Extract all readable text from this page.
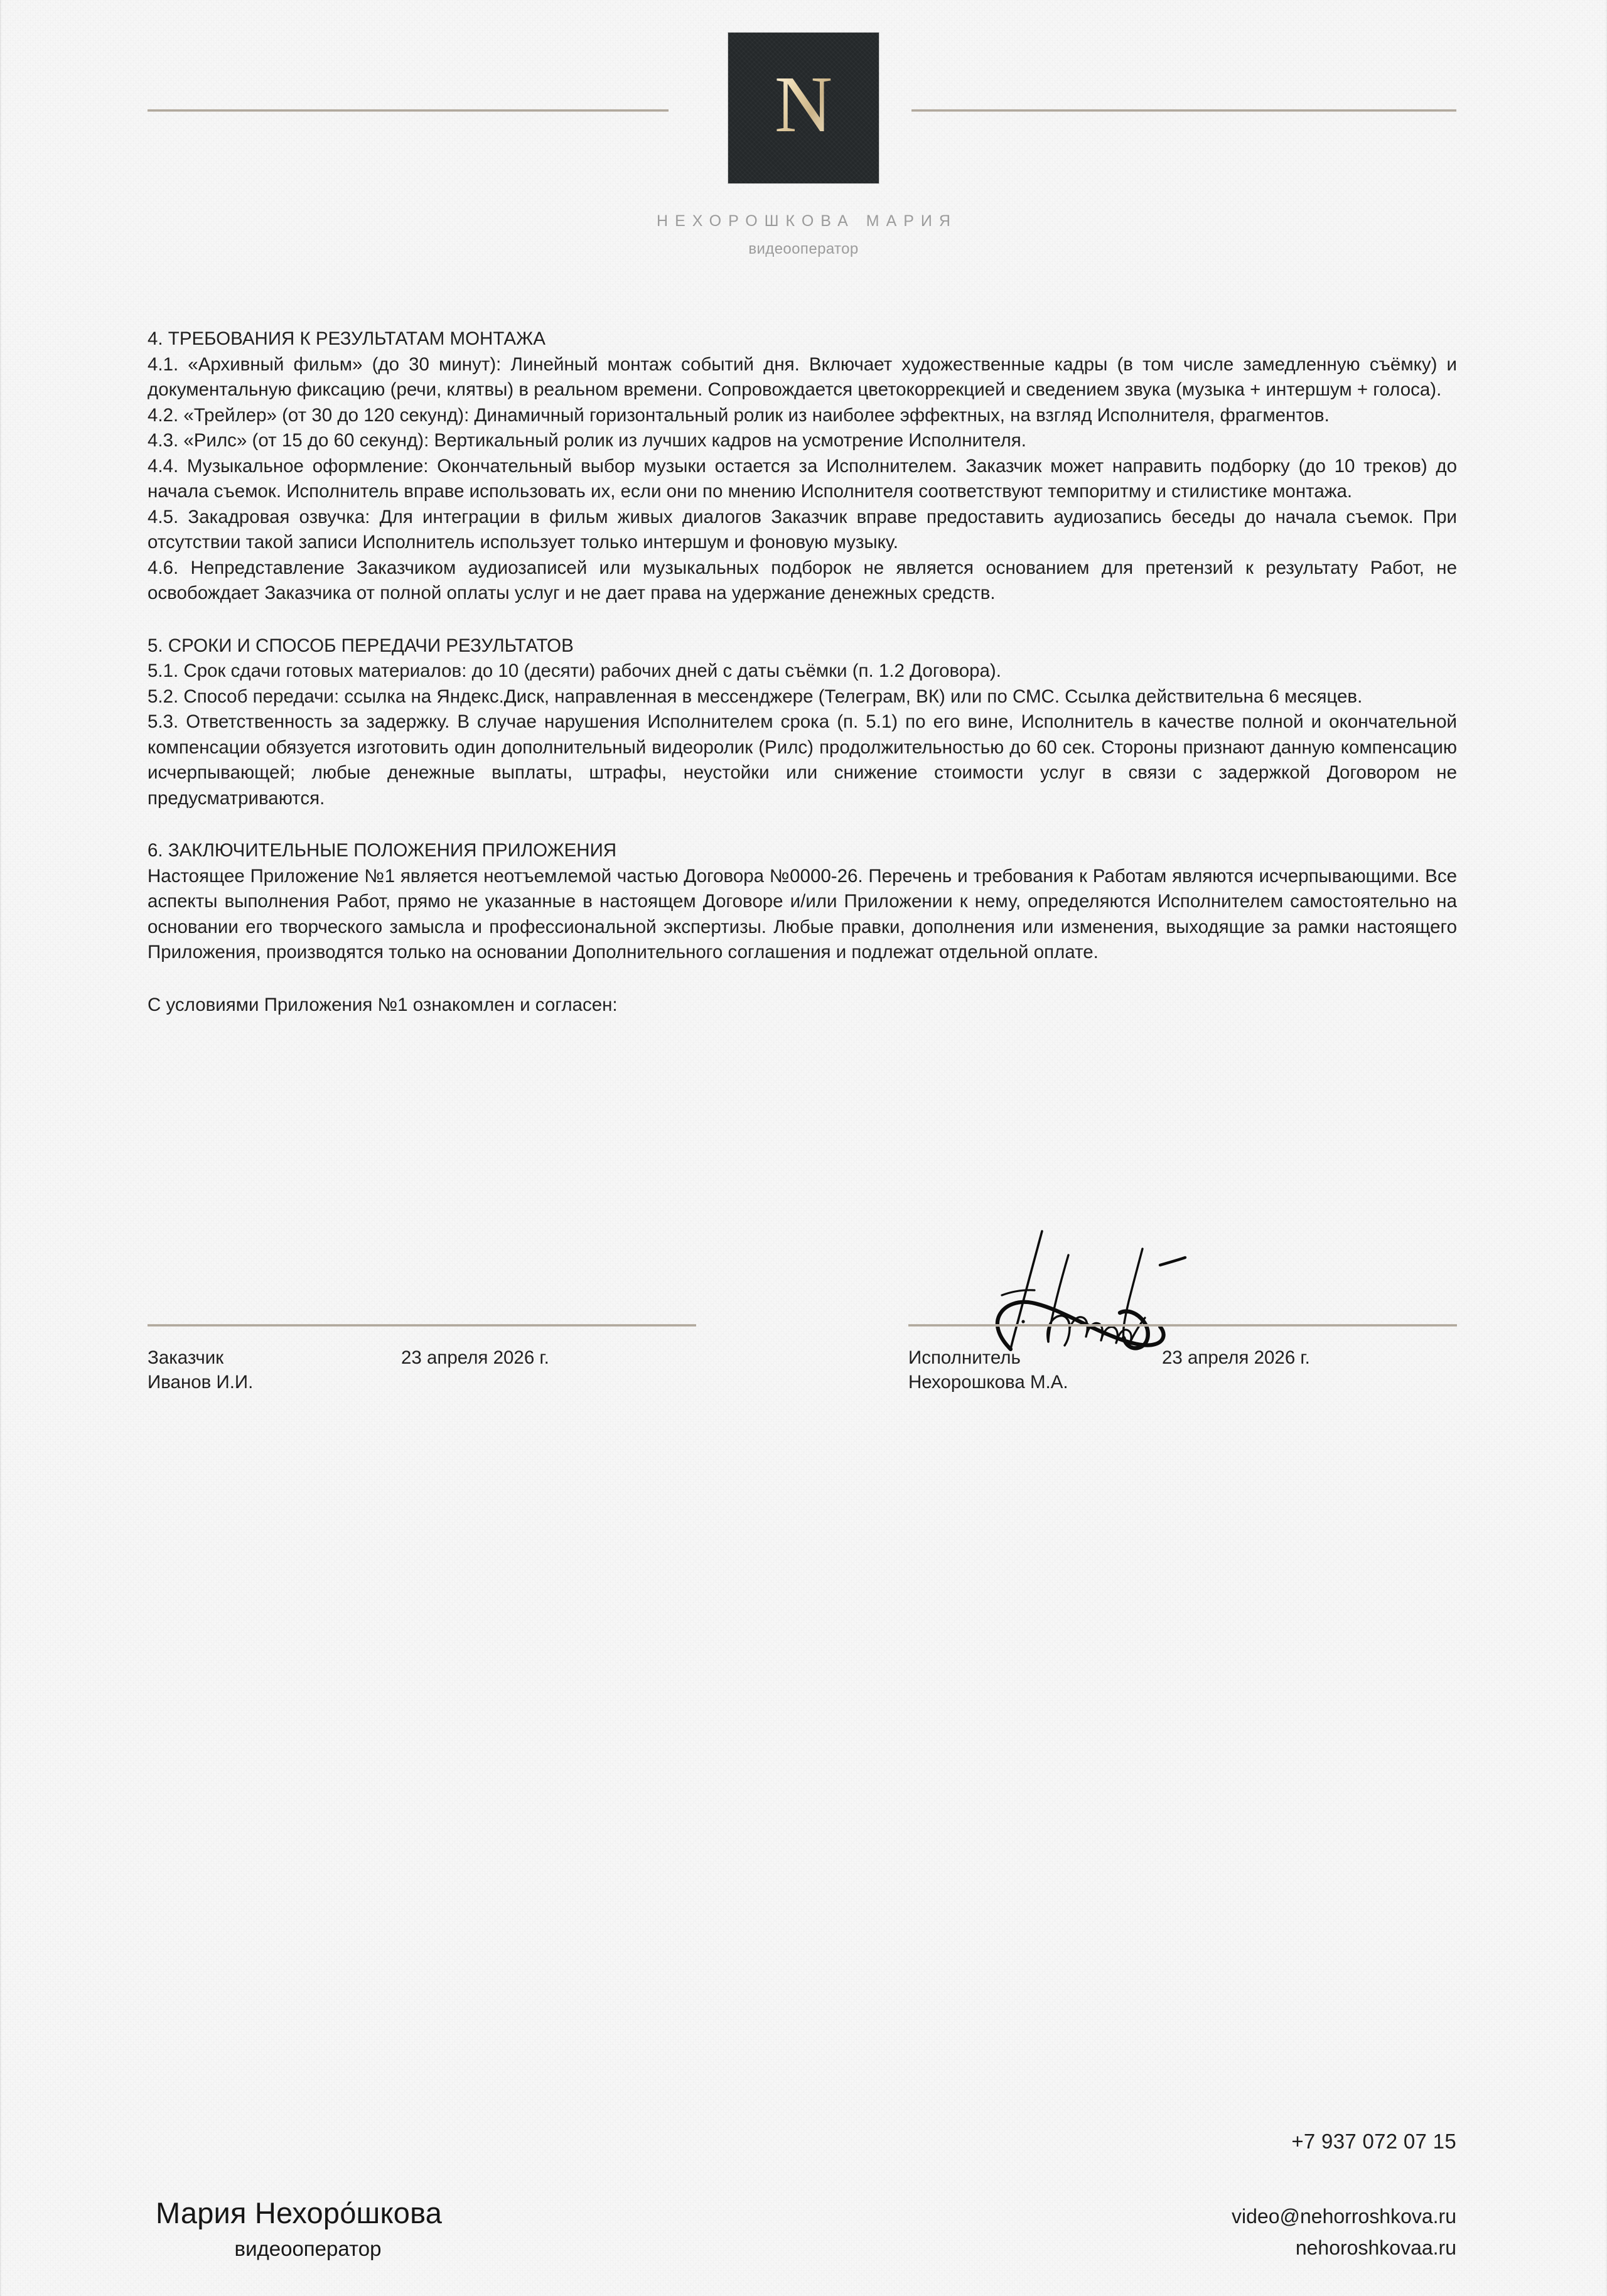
N
НЕХОРОШКОВА МАРИЯ
видеооператор

4. ТРЕБОВАНИЯ К РЕЗУЛЬТАТАМ МОНТАЖА

4.1. «Архивный фильм» (до 30 минут): Линейный монтаж событий дня. Включает художественные кадры (в том числе замедленную съёмку) и документальную фиксацию (речи, клятвы) в реальном времени. Сопровождается цветокоррекцией и сведением звука (музыка + интершум + голоса).

4.2. «Трейлер» (от 30 до 120 секунд): Динамичный горизонтальный ролик из наиболее эффектных, на взгляд Исполнителя, фрагментов.

4.3. «Рилс» (от 15 до 60 секунд): Вертикальный ролик из лучших кадров на усмотрение Исполнителя.

4.4. Музыкальное оформление: Окончательный выбор музыки остается за Исполнителем. Заказчик может направить подборку (до 10 треков) до начала съемок. Исполнитель вправе использовать их, если они по мнению Исполнителя соответствуют темпоритму и стилистике монтажа.

4.5. Закадровая озвучка: Для интеграции в фильм живых диалогов Заказчик вправе предоставить аудиозапись беседы до начала съемок. При отсутствии такой записи Исполнитель использует только интершум и фоновую музыку.

4.6. Непредставление Заказчиком аудиозаписей или музыкальных подборок не является основанием для претензий к результату Работ, не освобождает Заказчика от полной оплаты услуг и не дает права на удержание денежных средств.

5. СРОКИ И СПОСОБ ПЕРЕДАЧИ РЕЗУЛЬТАТОВ

5.1. Срок сдачи готовых материалов: до 10 (десяти) рабочих дней с даты съёмки (п. 1.2 Договора).

5.2. Способ передачи: ссылка на Яндекс.Диск, направленная в мессенджере (Телеграм, ВК) или по СМС. Ссылка действительна 6 месяцев.

5.3. Ответственность за задержку. В случае нарушения Исполнителем срока (п. 5.1) по его вине, Исполнитель в качестве полной и окончательной компенсации обязуется изготовить один дополнительный видеоролик (Рилс) продолжительностью до 60 сек. Стороны признают данную компенсацию исчерпывающей; любые денежные выплаты, штрафы, неустойки или снижение стоимости услуг в связи с задержкой Договором не предусматриваются.

6. ЗАКЛЮЧИТЕЛЬНЫЕ ПОЛОЖЕНИЯ ПРИЛОЖЕНИЯ

Настоящее Приложение №1 является неотъемлемой частью Договора №0000-26. Перечень и требования к Работам являются исчерпывающими. Все аспекты выполнения Работ, прямо не указанные в настоящем Договоре и/или Приложении к нему, определяются Исполнителем самостоятельно на основании его творческого замысла и профессиональной экспертизы. Любые правки, дополнения или изменения, выходящие за рамки настоящего Приложения, производятся только на основании Дополнительного соглашения и подлежат отдельной оплате.

С условиями Приложения №1 ознакомлен и согласен:

Заказчик	23 апреля 2026 г.
Иванов И.И.
Исполнитель	23 апреля 2026 г.
Нехорошкова М.А.
+7 937 072 07 15
video@nehorroshkova.ru
nehoroshkovaa.ru
Мария Нехоро́шкова
видеооператор
